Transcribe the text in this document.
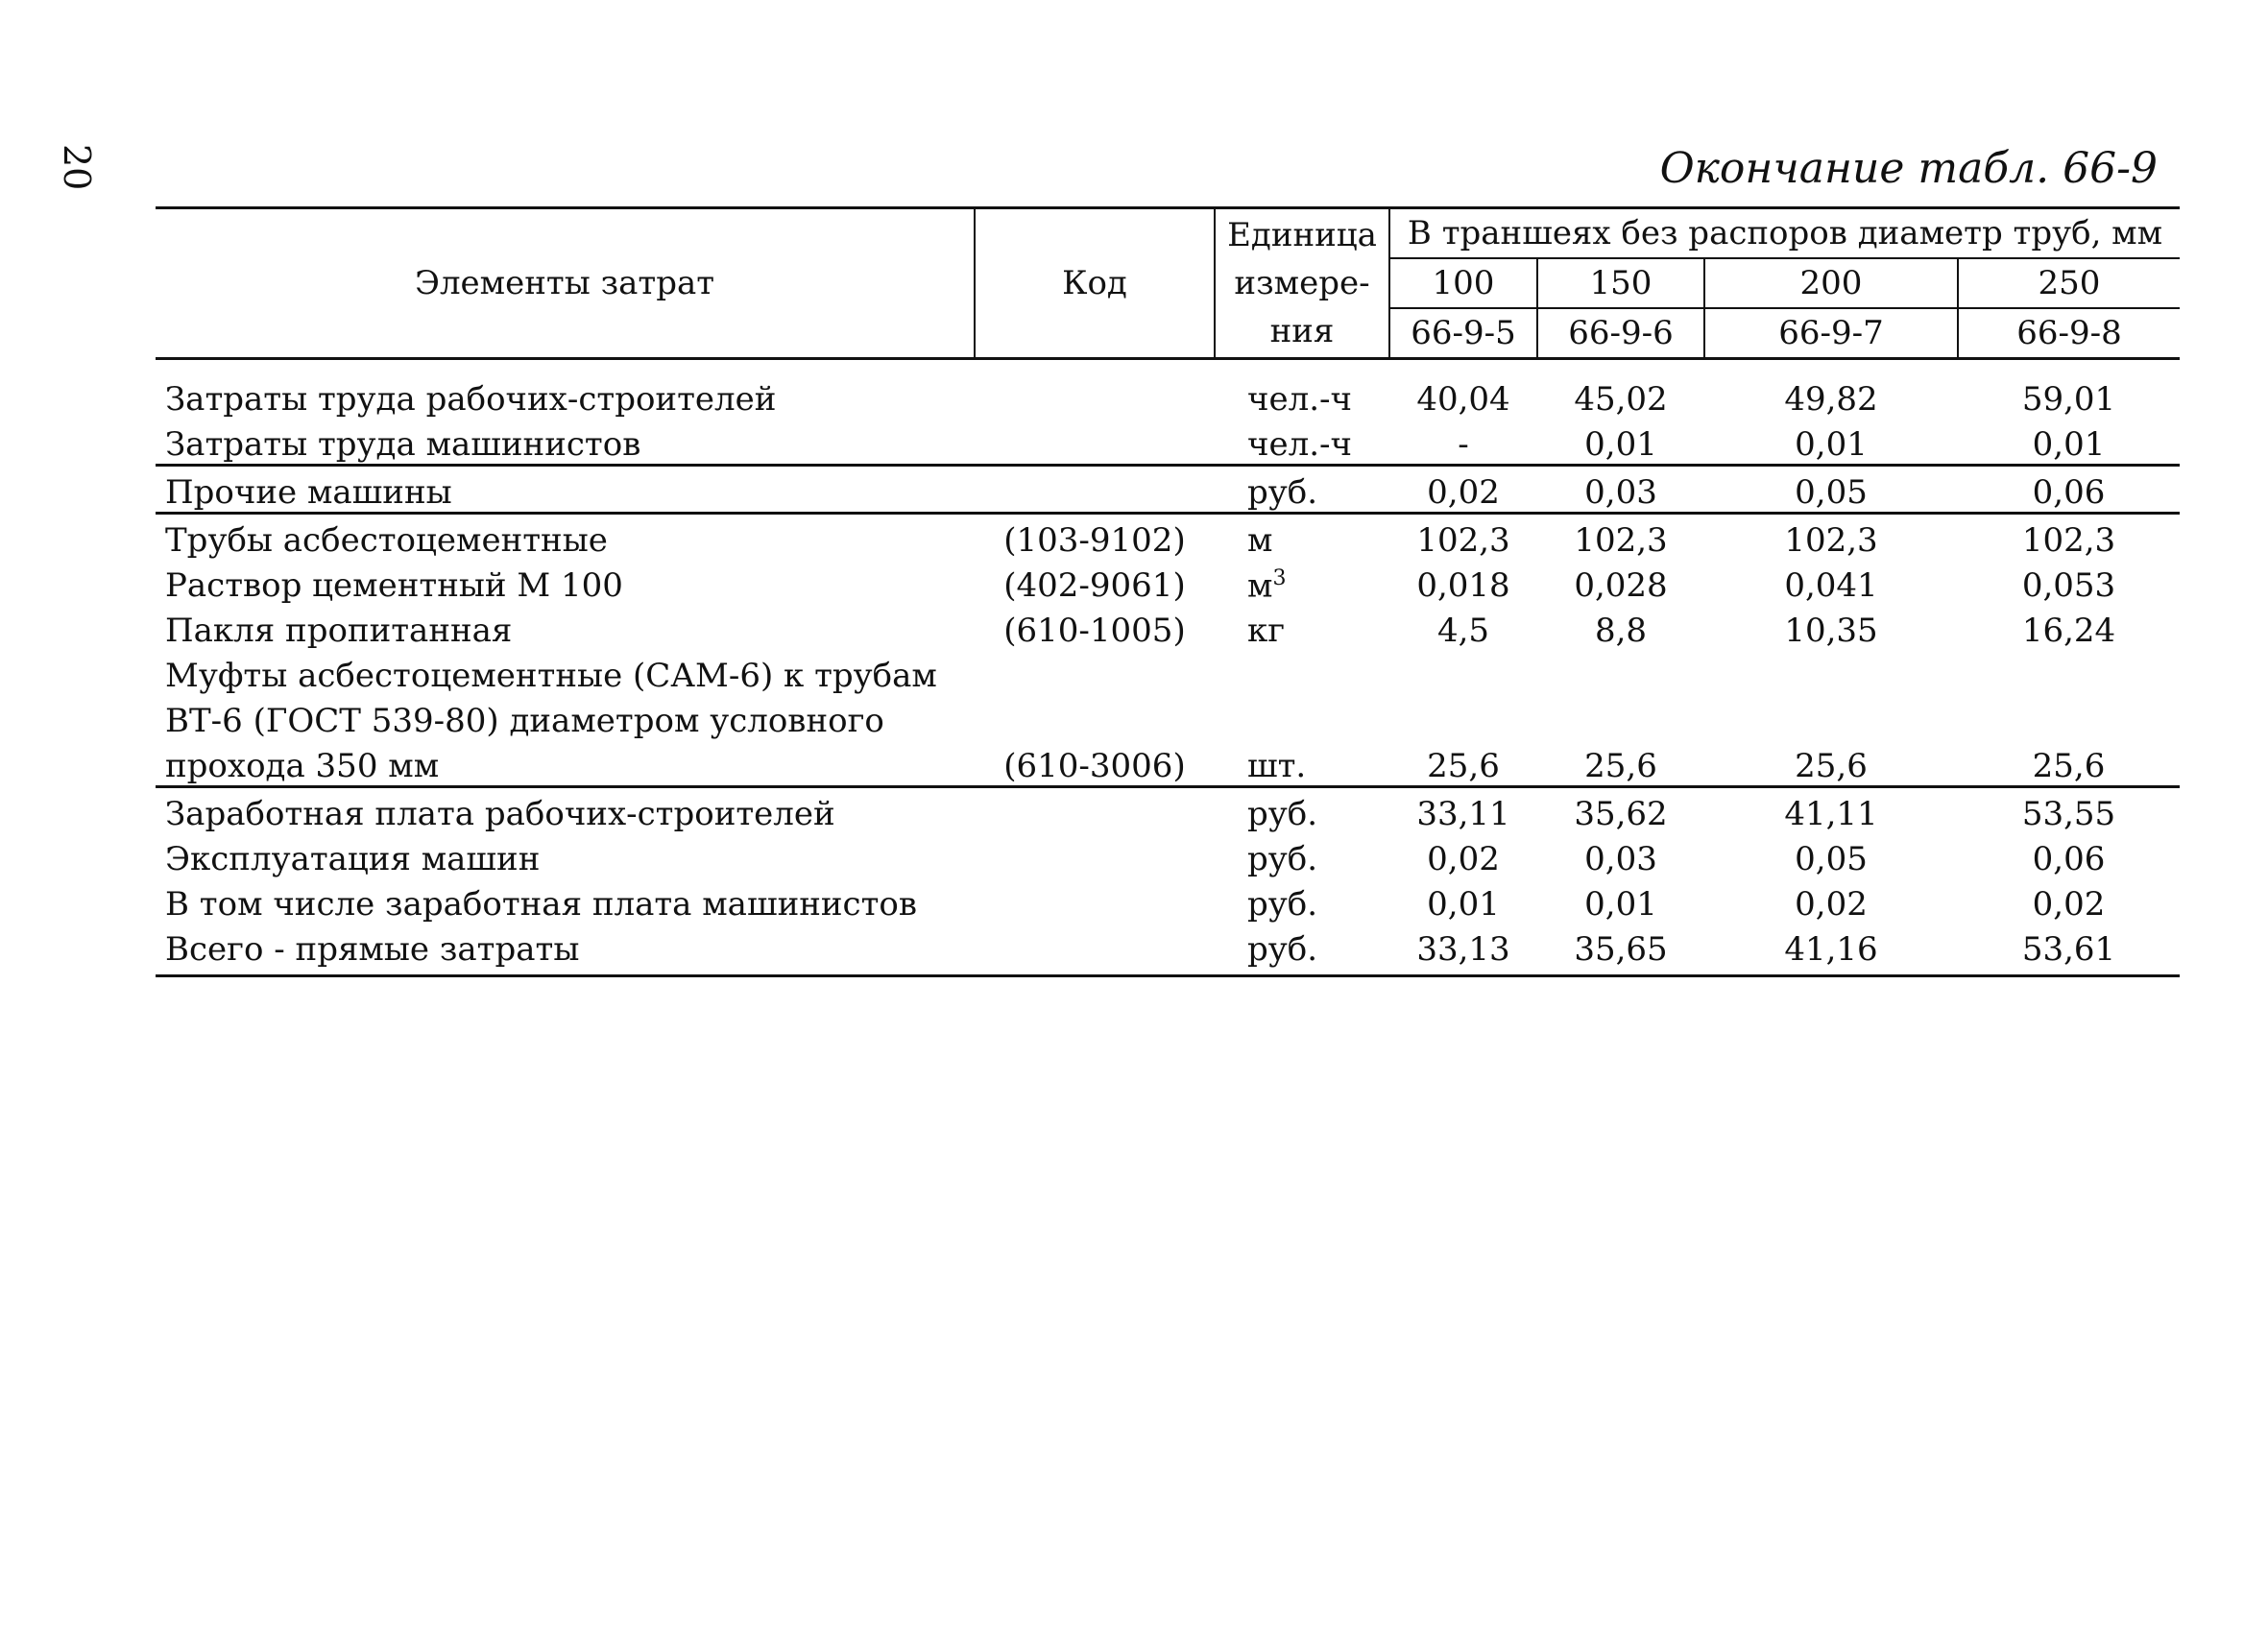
20	Окончание табл. 66-9
Элементы затрат	Код	Единица
измере-
ния	В траншеях без распоров диаметр труб, мм			
			100	150	200	250
			66-9-5	66-9-6	66-9-7	66-9-8

Затраты труда рабочих-строителей		чел.-ч	40,04	45,02	49,82	59,01
Затраты труда машинистов		чел.-ч	-	0,01	0,01	0,01
Прочие машины		руб.	0,02	0,03	0,05	0,06
Трубы асбестоцементные	(103-9102)	м	102,3	102,3	102,3	102,3
Раствор цементный М 100	(402-9061)	$м^3$	0,018	0,028	0,041	0,053
Пакля пропитанная	(610-1005)	кг	4,5	8,8	10,35	16,24
Муфты асбестоцементные (САМ-6) к трубам						
ВТ-6 (ГОСТ 539-80) диаметром условного						
прохода 350 мм	(610-3006)	шт.	25,6	25,6	25,6	25,6
Заработная плата рабочих-строителей		руб.	33,11	35,62	41,11	53,55
Эксплуатация машин		руб.	0,02	0,03	0,05	0,06
В том числе заработная плата машинистов		руб.	0,01	0,01	0,02	0,02
Всего - прямые затраты		руб.	33,13	35,65	41,16	53,61
